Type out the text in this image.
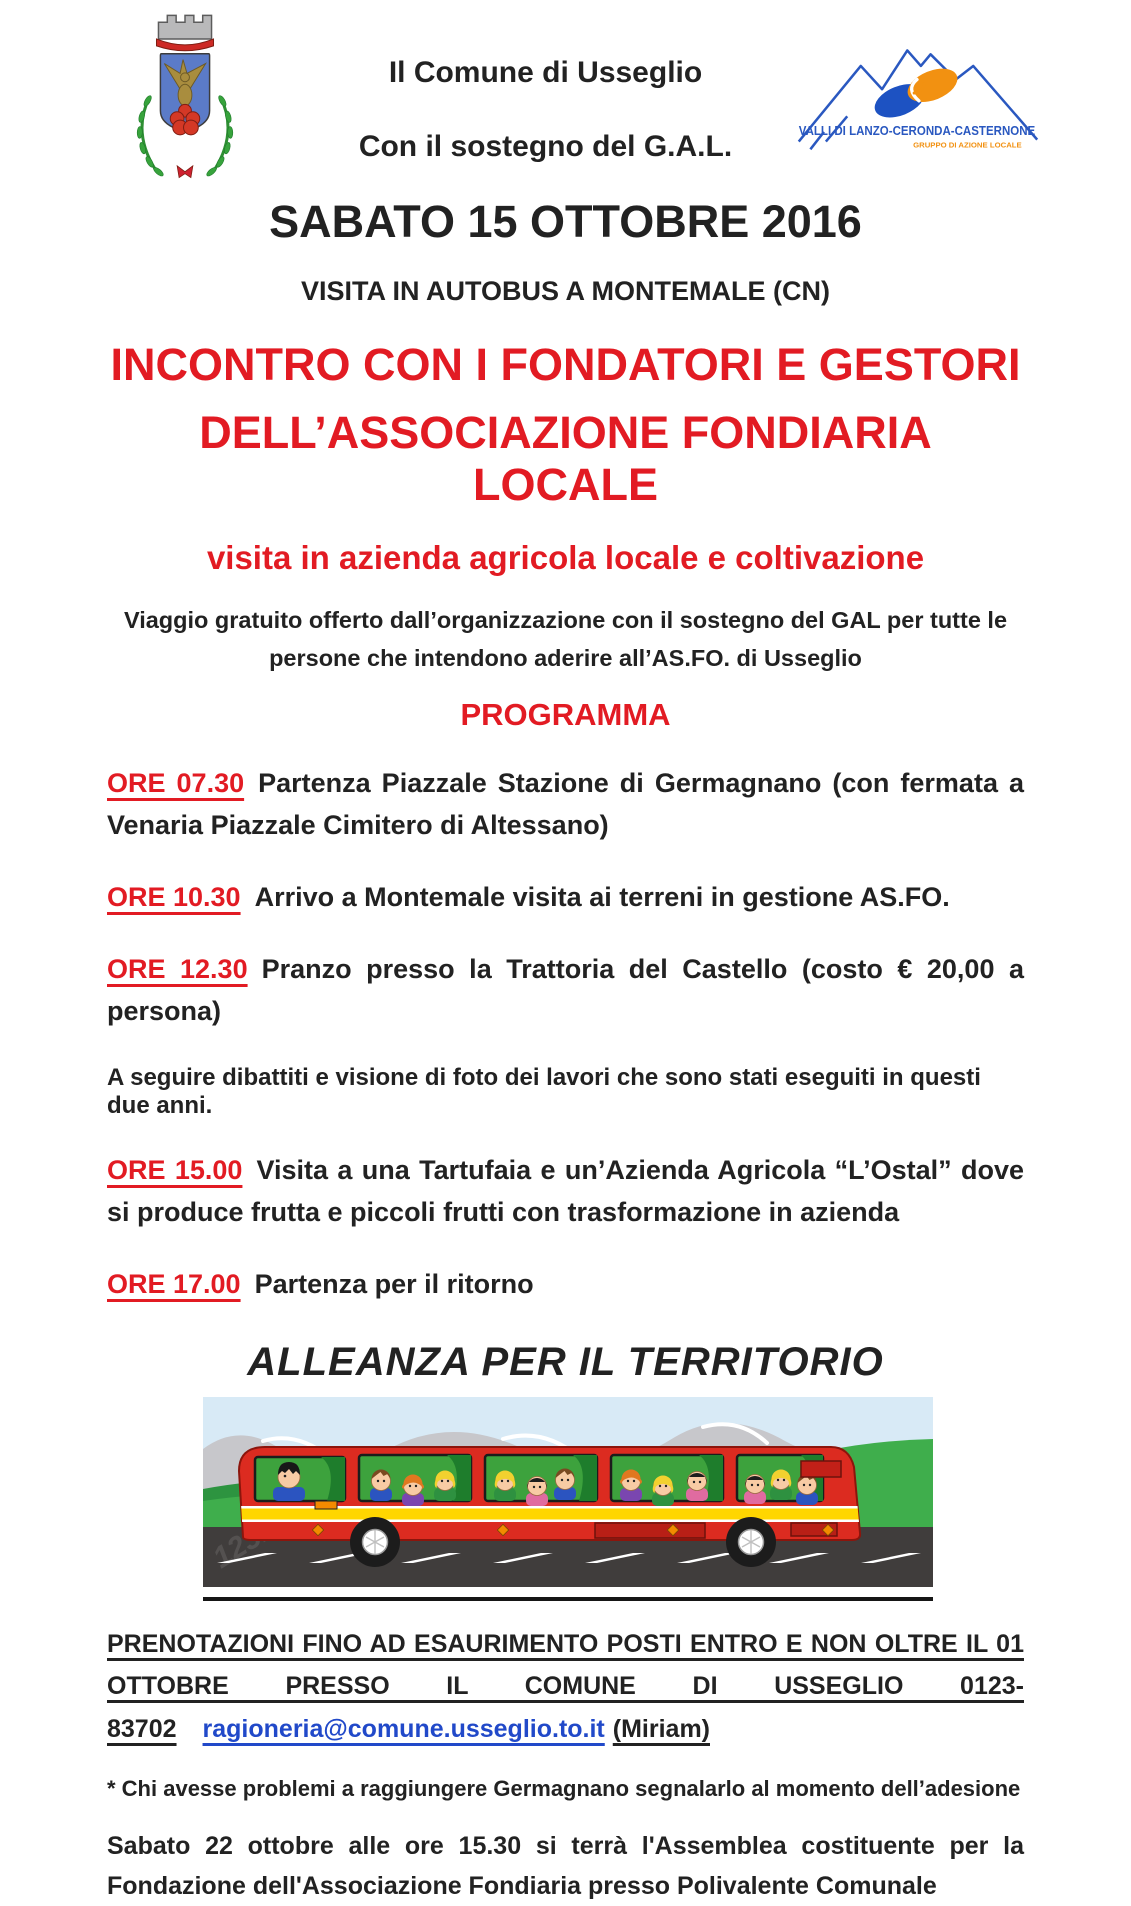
Il Comune di Usseglio
Con il sostegno del G.A.L.	VALLI DI LANZO-CERONDA-CASTERNONE
GRUPPO DI AZIONE LOCALE
SABATO 15 OTTOBRE 2016
VISITA IN AUTOBUS A MONTEMALE (CN)
INCONTRO CON I FONDATORI E GESTORI
DELL’ASSOCIAZIONE FONDIARIA LOCALE
visita in azienda agricola locale e coltivazione

Viaggio gratuito offerto dall’organizzazione con il sostegno del GAL per tutte le persone che intendono aderire all’AS.FO. di Usseglio

PROGRAMMA

ORE 07.30 Partenza Piazzale Stazione di Germagnano (con fermata a Venaria Piazzale Cimitero di Altessano)

ORE 10.30 Arrivo a Montemale visita ai terreni in gestione AS.FO.

ORE 12.30 Pranzo presso la Trattoria del Castello (costo € 20,00 a persona)

A seguire dibattiti e visione di foto dei lavori che sono stati eseguiti in questi due anni.

ORE 15.00 Visita a una Tartufaia e un’Azienda Agricola “L’Ostal” dove si produce frutta e piccoli frutti con trasformazione in azienda

ORE 17.00 Partenza per il ritorno

ALLEANZA PER IL TERRITORIO

PRENOTAZIONI FINO AD ESAURIMENTO POSTI ENTRO E NON OLTRE IL 01 OTTOBRE PRESSO IL COMUNE DI USSEGLIO 0123-83702 ragioneria@comune.usseglio.to.it (Miriam)

* Chi avesse problemi a raggiungere Germagnano segnalarlo al momento dell’adesione

Sabato 22 ottobre alle ore 15.30 si terrà l'Assemblea costituente per la Fondazione dell'Associazione Fondiaria presso Polivalente Comunale
